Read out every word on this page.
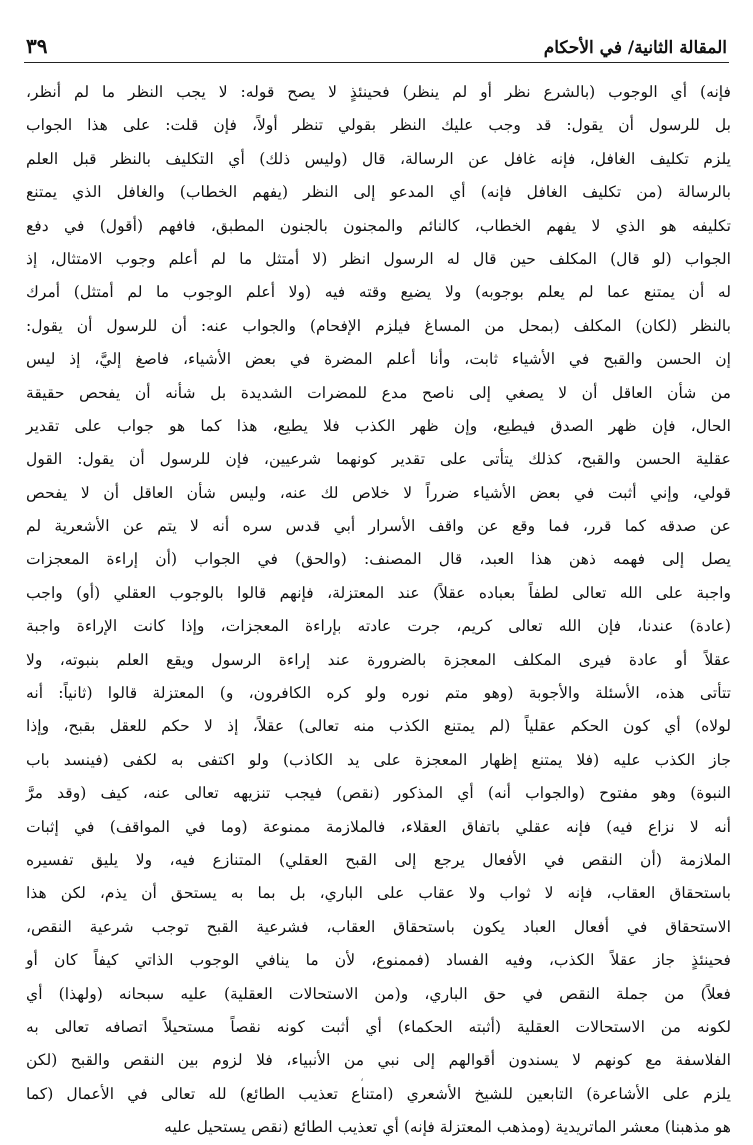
المقالة الثانية/ في الأحكام
٣٩
فإنه) أي الوجوب (بالشرع نظر أو لم ينظر) فحينئذٍ لا يصح قوله: لا يجب النظر ما لم أنظر،
بل للرسول أن يقول: قد وجب عليك النظر بقولي تنظر أولاً، فإن قلت: على هذا الجواب
يلزم تكليف الغافل، فإنه غافل عن الرسالة، قال (وليس ذلك) أي التكليف بالنظر قبل العلم
بالرسالة (من تكليف الغافل فإنه) أي المدعو إلى النظر (يفهم الخطاب) والغافل الذي يمتنع
تكليفه هو الذي لا يفهم الخطاب، كالنائم والمجنون بالجنون المطبق، فافهم (أقول) في دفع
الجواب (لو قال) المكلف حين قال له الرسول انظر (لا أمتثل ما لم أعلم وجوب الامتثال، إذ
له أن يمتنع عما لم يعلم بوجوبه) ولا يضيع وقته فيه (ولا أعلم الوجوب ما لم أمتثل) أمرك
بالنظر (لكان) المكلف (بمحل من المساغ فيلزم الإفحام) والجواب عنه: أن للرسول أن يقول:
إن الحسن والقبح في الأشياء ثابت، وأنا أعلم المضرة في بعض الأشياء، فاصغ إليَّ، إذ ليس
من شأن العاقل أن لا يصغي إلى ناصح مدع للمضرات الشديدة بل شأنه أن يفحص حقيقة
الحال، فإن ظهر الصدق فيطيع، وإن ظهر الكذب فلا يطيع، هذا كما هو جواب على تقدير
عقلية الحسن والقبح، كذلك يتأتى على تقدير كونهما شرعيين، فإن للرسول أن يقول: القول
قولي، وإني أثبت في بعض الأشياء ضرراً لا خلاص لك عنه، وليس شأن العاقل أن لا يفحص
عن صدقه كما قرر، فما وقع عن واقف الأسرار أبي قدس سره أنه لا يتم عن الأشعرية لم
يصل إلى فهمه ذهن هذا العبد، قال المصنف: (والحق) في الجواب (أن إراءة المعجزات
واجبة على الله تعالى لطفاً بعباده عقلاً) عند المعتزلة، فإنهم قالوا بالوجوب العقلي (أو) واجب
(عادة) عندنا، فإن الله تعالى كريم، جرت عادته بإراءة المعجزات، وإذا كانت الإراءة واجبة
عقلاً أو عادة فيرى المكلف المعجزة بالضرورة عند إراءة الرسول ويقع العلم بنبوته، ولا
تتأتى هذه، الأسئلة والأجوبة (وهو متم نوره ولو كره الكافرون، و) المعتزلة قالوا (ثانياً: أنه
لولاه) أي كون الحكم عقلياً (لم يمتنع الكذب منه تعالى) عقلاً، إذ لا حكم للعقل بقبح، وإذا
جاز الكذب عليه (فلا يمتنع إظهار المعجزة على يد الكاذب) ولو اكتفى به لكفى (فينسد باب
النبوة) وهو مفتوح (والجواب أنه) أي المذكور (نقص) فيجب تنزيهه تعالى عنه، كيف (وقد مرَّ
أنه لا نزاع فيه) فإنه عقلي باتفاق العقلاء، فالملازمة ممنوعة (وما في المواقف) في إثبات
الملازمة (أن النقص في الأفعال يرجع إلى القبح العقلي) المتنازع فيه، ولا يليق تفسيره
باستحقاق العقاب، فإنه لا ثواب ولا عقاب على الباري، بل بما به يستحق أن يذم، لكن هذا
الاستحقاق في أفعال العباد يكون باستحقاق العقاب، فشرعية القبح توجب شرعية النقص،
فحينئذٍ جاز عقلاً الكذب، وفيه الفساد (فممنوع، لأن ما ينافي الوجوب الذاتي كيفاً كان أو
فعلاً) من جملة النقص في حق الباري، و(من الاستحالات العقلية) عليه سبحانه (ولهذا) أي
لكونه من الاستحالات العقلية (أثبته الحكماء) أي أثبت كونه نقصاً مستحيلاً اتصافه تعالى به
الفلاسفة مع كونهم لا يسندون أقوالهم إلى نبي من الأنبياء، فلا لزوم بين النقص والقبح (لكن
يلزم على الأشاعرة) التابعين للشيخ الأشعري (امتناع تعذيب الطائع) لله تعالى في الأعمال (كما
هو مذهبنا) معشر الماتريدية (ومذهب المعتزلة فإنه) أي تعذيب الطائع (نقص يستحيل عليه
،
